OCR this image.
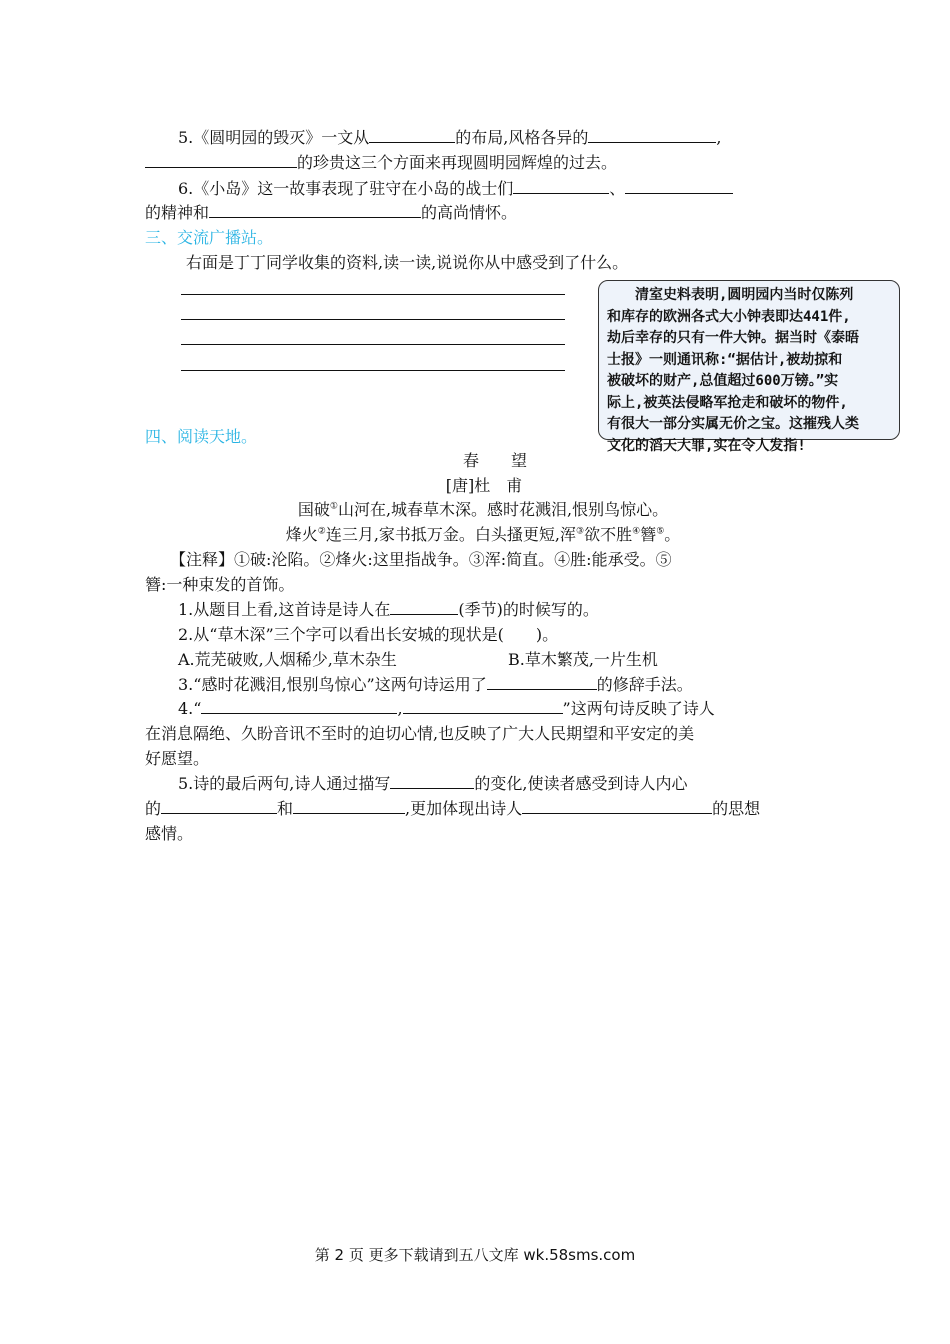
5.《圆明园的毁灭》一文从	的布局,风格各异的	,
的珍贵这三个方面来再现圆明园辉煌的过去。
6.《小岛》这一故事表现了驻守在小岛的战士们	、
的精神和	的高尚情怀。
三、交流广播站。
右面是丁丁同学收集的资料,读一读,说说你从中感受到了什么。
清室史料表明,圆明园内当时仅陈列
和库存的欧洲各式大小钟表即达441件,
劫后幸存的只有一件大钟。据当时《泰晤
士报》一则通讯称:“据估计,被劫掠和
被破坏的财产,总值超过600万镑。”实
际上,被英法侵略军抢走和破坏的物件,
有很大一部分实属无价之宝。这摧残人类
文化的滔天大罪,实在令人发指!
四、阅读天地。
春　　望
[唐]杜　甫
国破①山河在,城春草木深。感时花溅泪,恨别鸟惊心。
烽火②连三月,家书抵万金。白头搔更短,浑③欲不胜④簪⑤。
【注释】①破:沦陷。②烽火:这里指战争。③浑:简直。④胜:能承受。⑤
簪:一种束发的首饰。
1.从题目上看,这首诗是诗人在	(季节)的时候写的。
2.从“草木深”三个字可以看出长安城的现状是(　　)。
A.荒芜破败,人烟稀少,草木杂生	B.草木繁茂,一片生机
3.“感时花溅泪,恨别鸟惊心”这两句诗运用了	的修辞手法。
4.“	,	”这两句诗反映了诗人
在消息隔绝、久盼音讯不至时的迫切心情,也反映了广大人民期望和平安定的美
好愿望。
5.诗的最后两句,诗人通过描写	的变化,使读者感受到诗人内心
的	和	,更加体现出诗人	的思想
感情。
第 2 页 更多下载请到五八文库 wk.58sms.com
